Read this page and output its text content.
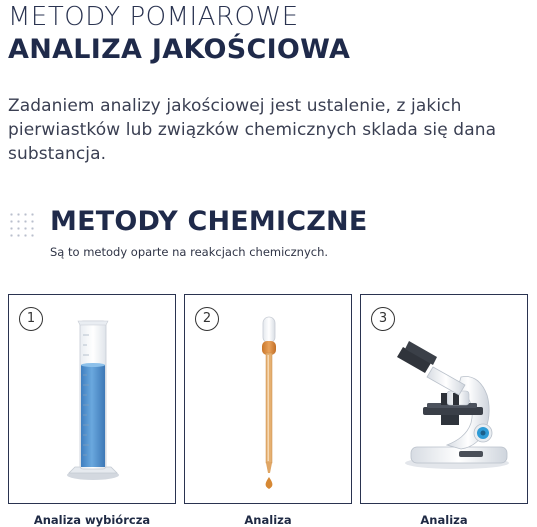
METODY POMIAROWE
ANALIZA JAKOŚCIOWA

Zadaniem analizy jakościowej jest ustalenie, z jakich pierwiastków lub związków chemicznych sklada się dana substancja.

METODY CHEMICZNE

Są to metody oparte na reakcjach chemicznych.

1	2	3

Analiza wybiórcza	Analiza	Analiza
